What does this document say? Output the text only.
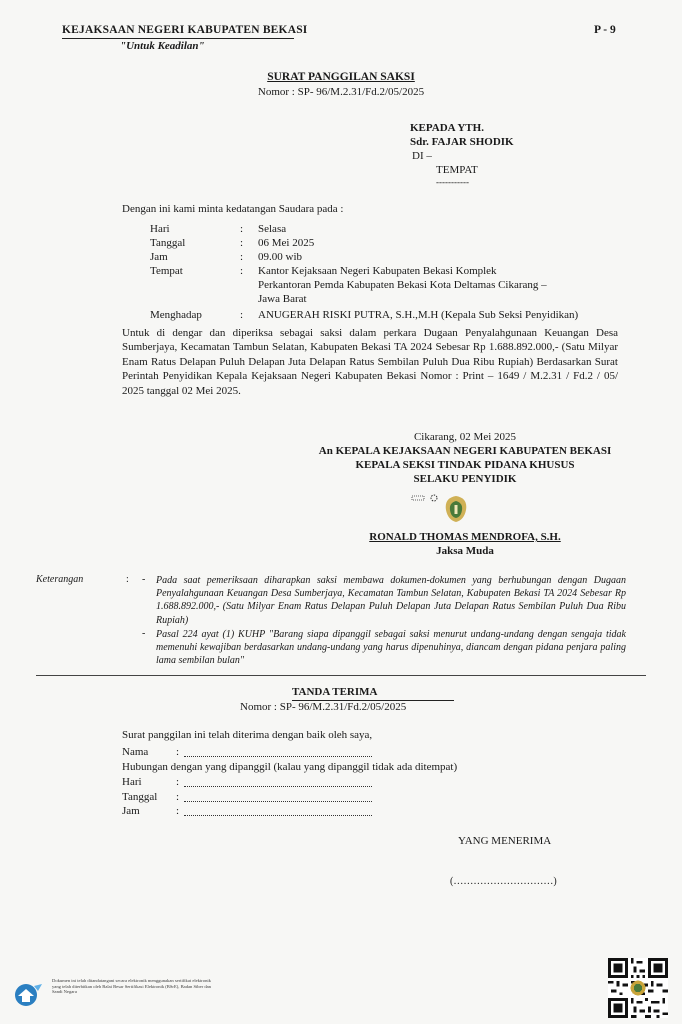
KEJAKSAAN NEGERI KABUPATEN BEKASI
"Untuk Keadilan"
P - 9
SURAT PANGGILAN SAKSI
Nomor : SP- 96/M.2.31/Fd.2/05/2025
KEPADA YTH.
Sdr. FAJAR SHODIK
DI –
TEMPAT
-----------
Dengan ini kami minta kedatangan Saudara pada :
Hari	: Selasa
Tanggal	: 06 Mei 2025
Jam	: 09.00 wib
Tempat	: Kantor Kejaksaan Negeri Kabupaten Bekasi Komplek
Perkantoran Pemda Kabupaten Bekasi Kota Deltamas Cikarang –
Jawa Barat
Menghadap	: ANUGERAH RISKI PUTRA, S.H.,M.H (Kepala Sub Seksi Penyidikan)
Untuk di dengar dan diperiksa sebagai saksi dalam perkara Dugaan Penyalahgunaan Keuangan Desa Sumberjaya, Kecamatan Tambun Selatan, Kabupaten Bekasi TA 2024 Sebesar Rp 1.688.892.000,- (Satu Milyar Enam Ratus Delapan Puluh Delapan Juta Delapan Ratus Sembilan Puluh Dua Ribu Rupiah) Berdasarkan Surat Perintah Penyidikan Kepala Kejaksaan Negeri Kabupaten Bekasi Nomor : Print – 1649 / M.2.31 / Fd.2 / 05/ 2025 tanggal 02 Mei 2025.
Cikarang, 02 Mei 2025
An KEPALA KEJAKSAAN NEGERI KABUPATEN BEKASI
KEPALA SEKSI TINDAK PIDANA KHUSUS
SELAKU PENYIDIK
RONALD THOMAS MENDROFA, S.H.
Jaksa Muda
Keterangan	: - Pada saat pemeriksaan diharapkan saksi membawa dokumen-dokumen yang berhubungan dengan Dugaan Penyalahgunaan Keuangan Desa Sumberjaya, Kecamatan Tambun Selatan, Kabupaten Bekasi TA 2024 Sebesar Rp 1.688.892.000,- (Satu Milyar Enam Ratus Delapan Puluh Delapan Juta Delapan Ratus Sembilan Puluh Dua Ribu Rupiah)
- Pasal 224 ayat (1) KUHP "Barang siapa dipanggil sebagai saksi menurut undang-undang dengan sengaja tidak memenuhi kewajiban berdasarkan undang-undang yang harus dipenuhinya, diancam dengan pidana penjara paling lama sembilan bulan"
TANDA TERIMA
Nomor : SP- 96/M.2.31/Fd.2/05/2025
Surat panggilan ini telah diterima dengan baik oleh saya,
Nama	:
Hubungan dengan yang dipanggil (kalau yang dipanggil tidak ada ditempat)
Hari	:
Tanggal :
Jam	:
YANG MENERIMA
(…………………………)
Dokumen ini telah ditandatangani secara elektronik menggunakan sertifikat elektronik yang telah diterbitkan oleh Balai Besar Sertifikasi Elektronik (BSrE), Badan Siber dan Sandi Negara
